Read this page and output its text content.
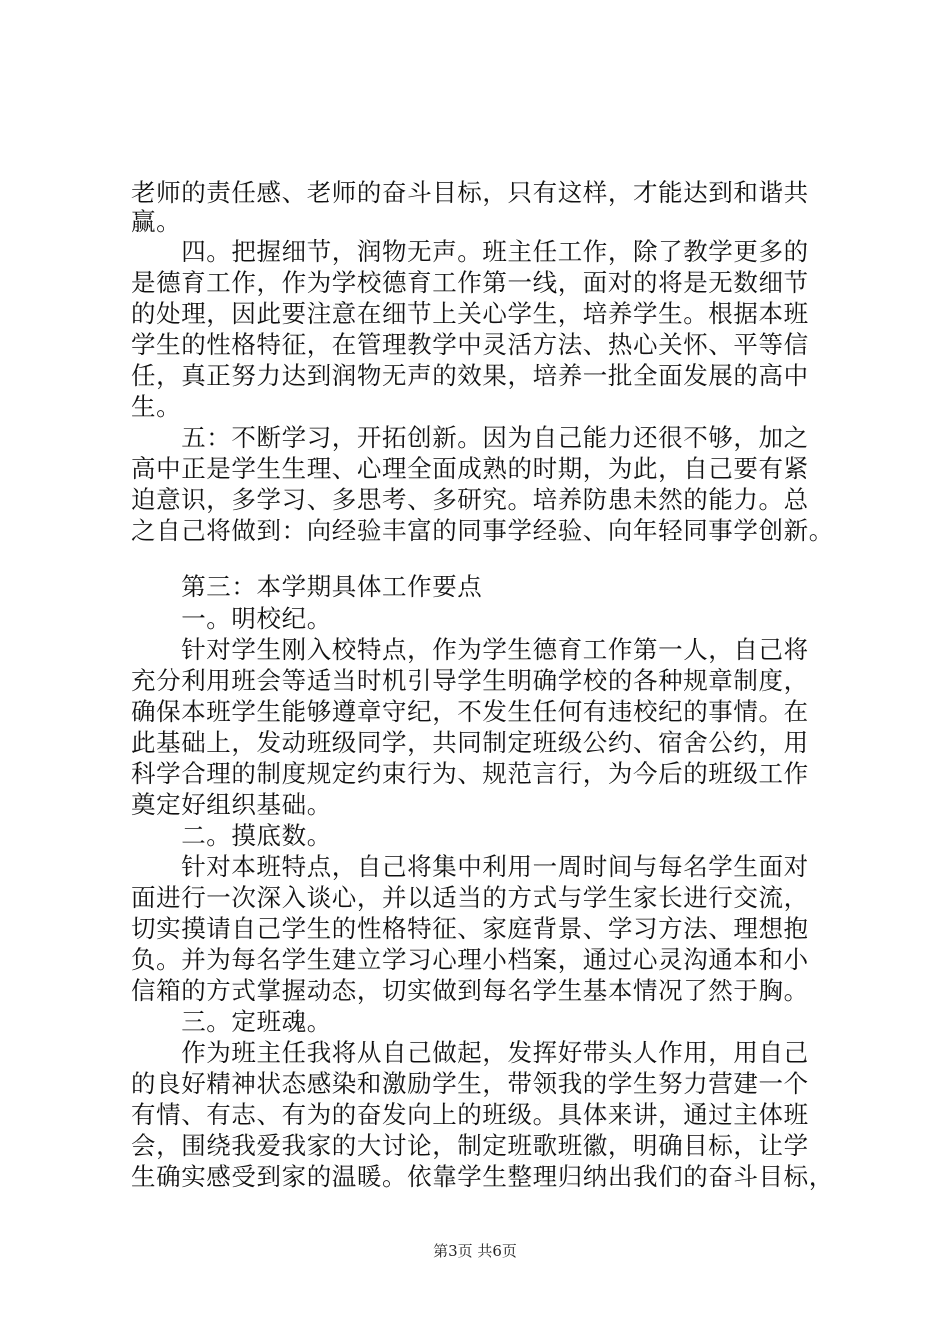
老师的责任感、老师的奋斗目标，只有这样，才能达到和谐共
赢。
　　四。把握细节，润物无声。班主任工作，除了教学更多的
是德育工作，作为学校德育工作第一线，面对的将是无数细节
的处理，因此要注意在细节上关心学生，培养学生。根据本班
学生的性格特征，在管理教学中灵活方法、热心关怀、平等信
任，真正努力达到润物无声的效果，培养一批全面发展的高中
生。
　　五：不断学习，开拓创新。因为自己能力还很不够，加之
高中正是学生生理、心理全面成熟的时期，为此，自己要有紧
迫意识，多学习、多思考、多研究。培养防患未然的能力。总
之自己将做到：向经验丰富的同事学经验、向年轻同事学创新。
　　第三：本学期具体工作要点
　　一。明校纪。
　　针对学生刚入校特点，作为学生德育工作第一人，自己将
充分利用班会等适当时机引导学生明确学校的各种规章制度，
确保本班学生能够遵章守纪，不发生任何有违校纪的事情。在
此基础上，发动班级同学，共同制定班级公约、宿舍公约，用
科学合理的制度规定约束行为、规范言行，为今后的班级工作
奠定好组织基础。
　　二。摸底数。
　　针对本班特点，自己将集中利用一周时间与每名学生面对
面进行一次深入谈心，并以适当的方式与学生家长进行交流，
切实摸请自己学生的性格特征、家庭背景、学习方法、理想抱
负。并为每名学生建立学习心理小档案，通过心灵沟通本和小
信箱的方式掌握动态，切实做到每名学生基本情况了然于胸。
　　三。定班魂。
　　作为班主任我将从自己做起，发挥好带头人作用，用自己
的良好精神状态感染和激励学生，带领我的学生努力营建一个
有情、有志、有为的奋发向上的班级。具体来讲，通过主体班
会，围绕我爱我家的大讨论，制定班歌班徽，明确目标，让学
生确实感受到家的温暖。依靠学生整理归纳出我们的奋斗目标，
第3页 共6页
